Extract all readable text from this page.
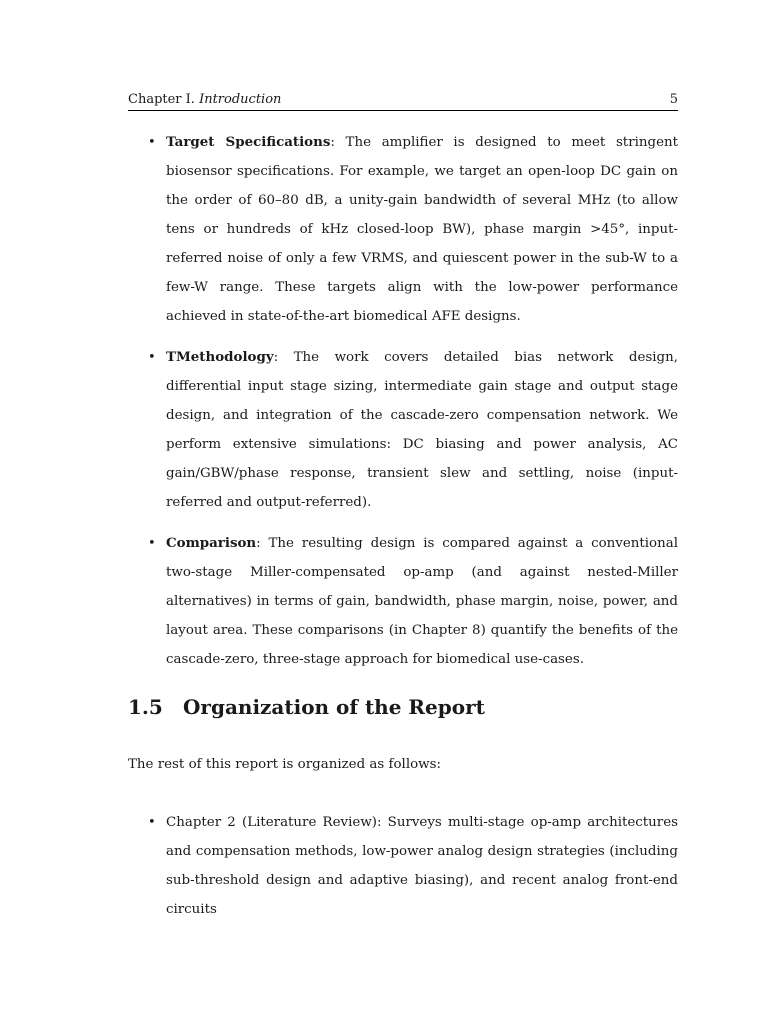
Chapter I. Introduction	5
• Target Specifications: The amplifier is designed to meet stringent biosensor specifications. For example, we target an open-loop DC gain on the order of 60–80 dB, a unity-gain bandwidth of several MHz (to allow tens or hundreds of kHz closed-loop BW), phase margin >45°, input-referred noise of only a few VRMS, and quiescent power in the sub-W to a few-W range. These targets align with the low-power performance achieved in state-of-the-art biomedical AFE designs.
• TMethodology: The work covers detailed bias network design, differential input stage sizing, intermediate gain stage and output stage design, and integration of the cascade-zero compensation network. We perform extensive simulations: DC biasing and power analysis, AC gain/GBW/phase response, transient slew and settling, noise (input-referred and output-referred).
• Comparison: The resulting design is compared against a conventional two-stage Miller-compensated op-amp (and against nested-Miller alternatives) in terms of gain, bandwidth, phase margin, noise, power, and layout area. These comparisons (in Chapter 8) quantify the benefits of the cascade-zero, three-stage approach for biomedical use-cases.
1.5 Organization of the Report
The rest of this report is organized as follows:
• Chapter 2 (Literature Review): Surveys multi-stage op-amp architectures and compensation methods, low-power analog design strategies (including sub-threshold design and adaptive biasing), and recent analog front-end circuits
